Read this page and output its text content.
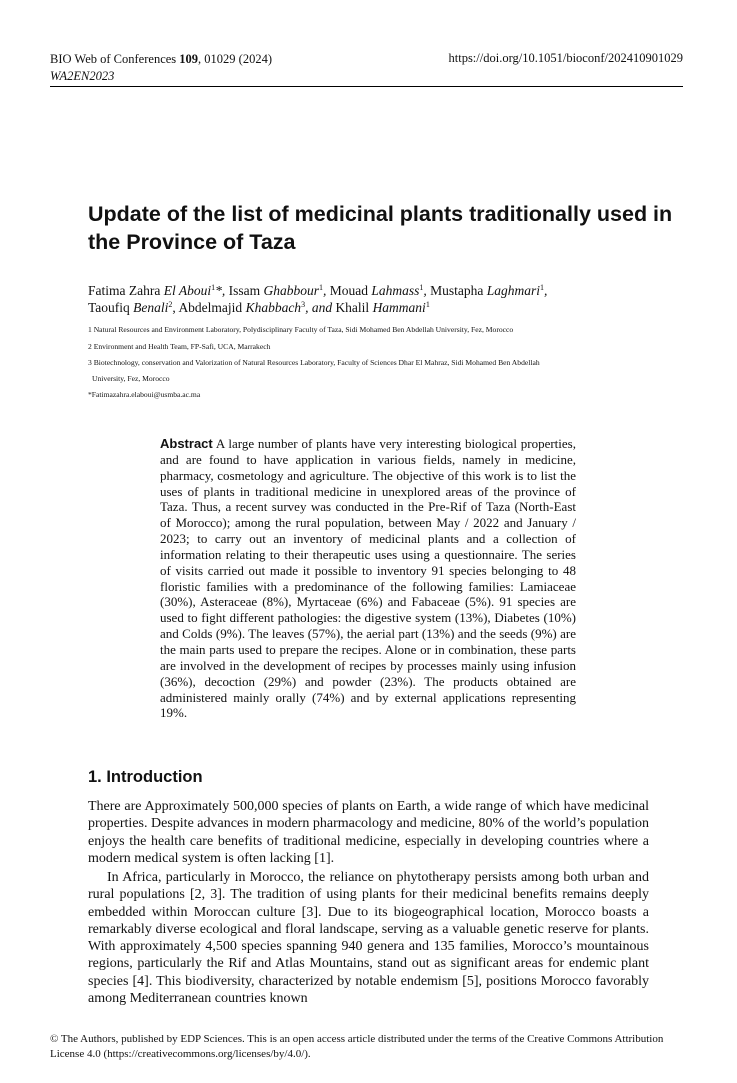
BIO Web of Conferences 109, 01029 (2024)
WA2EN2023
https://doi.org/10.1051/bioconf/202410901029
Update of the list of medicinal plants traditionally used in the Province of Taza
Fatima Zahra El Aboui$^1$*, Issam Ghabbour$^1$, Mouad Lahmass$^1$, Mustapha Laghmari$^1$,
Taoufiq Benali$^2$, Abdelmajid Khabbach$^3$, and Khalil Hammani$^1$
1 Natural Resources and Environment Laboratory, Polydisciplinary Faculty of Taza, Sidi Mohamed Ben Abdellah University, Fez, Morocco
2 Environment and Health Team, FP-Safi, UCA, Marrakech
3 Biotechnology, conservation and Valorization of Natural Resources Laboratory, Faculty of Sciences Dhar El Mahraz, Sidi Mohamed Ben Abdellah
University, Fez, Morocco
*Fatimazahra.elaboui@usmba.ac.ma

Abstract A large number of plants have very interesting biological properties, and are found to have application in various fields, namely in medicine, pharmacy, cosmetology and agriculture. The objective of this work is to list the uses of plants in traditional medicine in unexplored areas of the province of Taza. Thus, a recent survey was conducted in the Pre-Rif of Taza (North-East of Morocco); among the rural population, between May / 2022 and January / 2023; to carry out an inventory of medicinal plants and a collection of information relating to their therapeutic uses using a questionnaire. The series of visits carried out made it possible to inventory 91 species belonging to 48 floristic families with a predominance of the following families: Lamiaceae (30%), Asteraceae (8%), Myrtaceae (6%) and Fabaceae (5%). 91 species are used to fight different pathologies: the digestive system (13%), Diabetes (10%) and Colds (9%). The leaves (57%), the aerial part (13%) and the seeds (9%) are the main parts used to prepare the recipes. Alone or in combination, these parts are involved in the development of recipes by processes mainly using infusion (36%), decoction (29%) and powder (23%). The products obtained are administered mainly orally (74%) and by external applications representing 19%.

1. Introduction

There are Approximately 500,000 species of plants on Earth, a wide range of which have medicinal properties. Despite advances in modern pharmacology and medicine, 80% of the world’s population enjoys the health care benefits of traditional medicine, especially in developing countries where a modern medical system is often lacking [1].

In Africa, particularly in Morocco, the reliance on phytotherapy persists among both urban and rural populations [2, 3]. The tradition of using plants for their medicinal benefits remains deeply embedded within Moroccan culture [3]. Due to its biogeographical location, Morocco boasts a remarkably diverse ecological and floral landscape, serving as a valuable genetic reserve for plants. With approximately 4,500 species spanning 940 genera and 135 families, Morocco’s mountainous regions, particularly the Rif and Atlas Mountains, stand out as significant areas for endemic plant species [4]. This biodiversity, characterized by notable endemism [5], positions Morocco favorably among Mediterranean countries known

© The Authors, published by EDP Sciences. This is an open access article distributed under the terms of the Creative Commons Attribution License 4.0 (https://creativecommons.org/licenses/by/4.0/).
